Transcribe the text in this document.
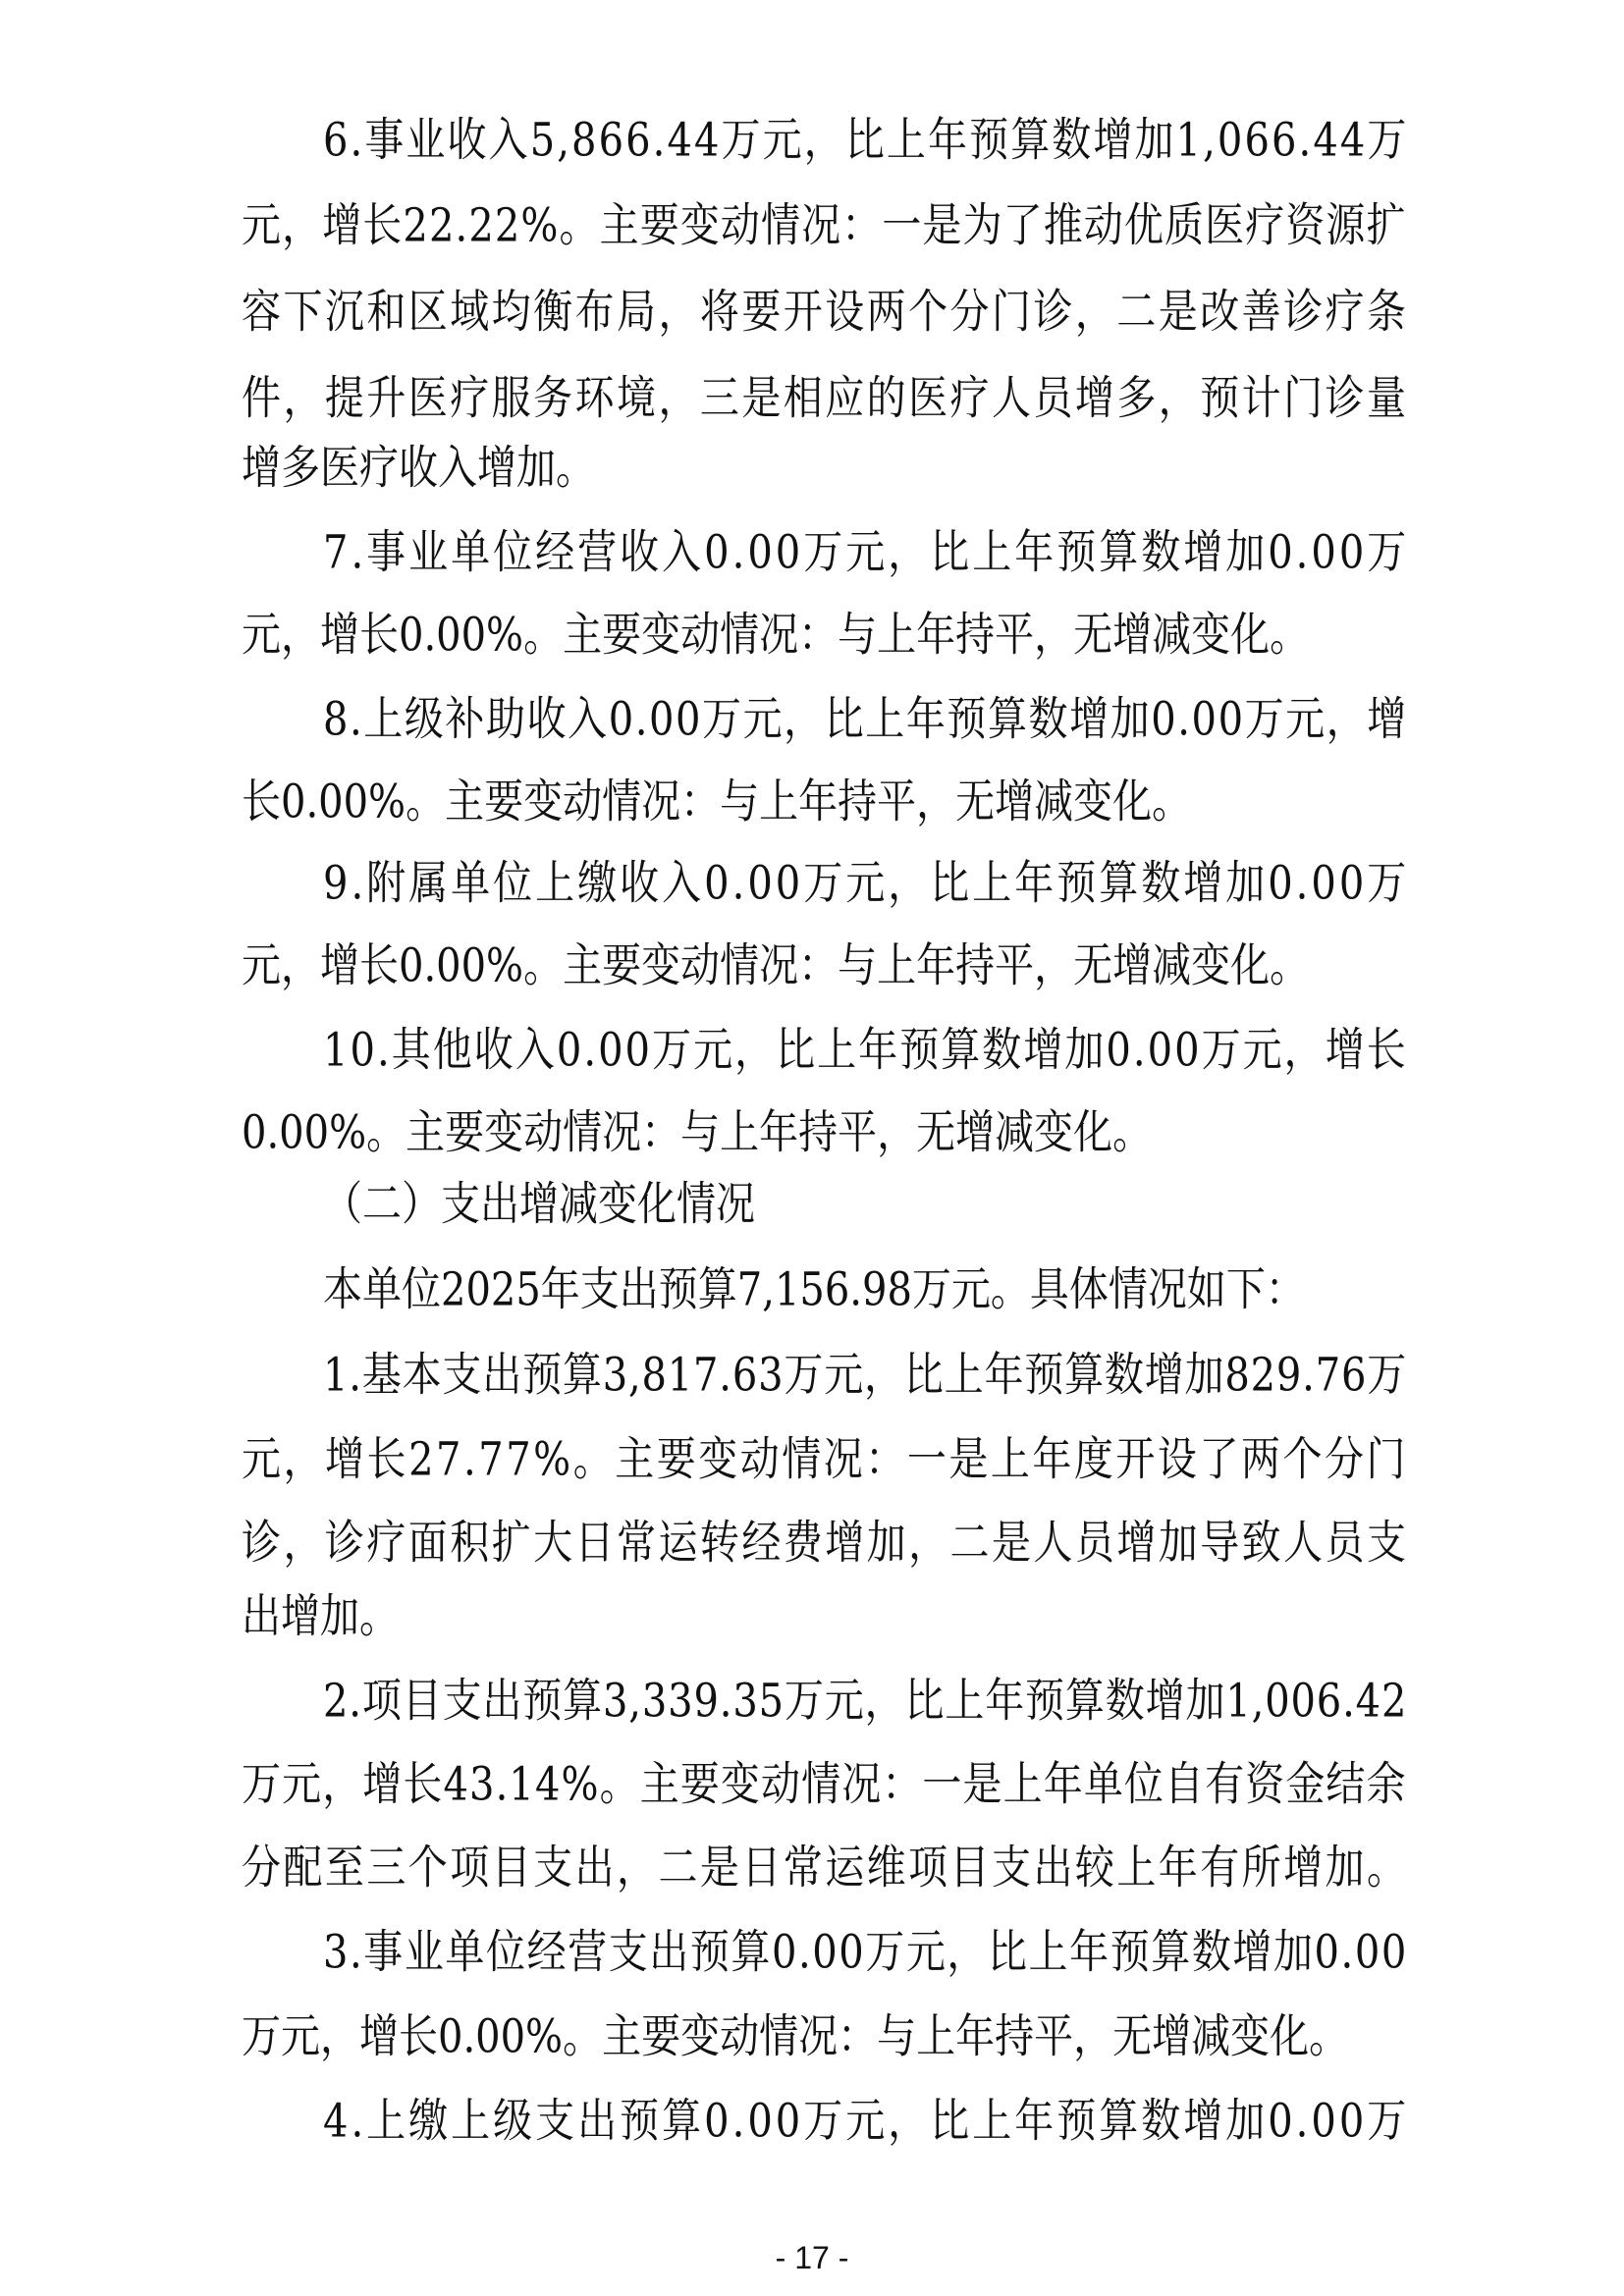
6.事业收入5,866.44万元，比上年预算数增加1,066.44万
元，增长22.22%。主要变动情况：一是为了推动优质医疗资源扩
容下沉和区域均衡布局，将要开设两个分门诊，二是改善诊疗条
件，提升医疗服务环境，三是相应的医疗人员增多，预计门诊量
增多医疗收入增加。
7.事业单位经营收入0.00万元，比上年预算数增加0.00万
元，增长0.00%。主要变动情况：与上年持平，无增减变化。
8.上级补助收入0.00万元，比上年预算数增加0.00万元，增
长0.00%。主要变动情况：与上年持平，无增减变化。
9.附属单位上缴收入0.00万元，比上年预算数增加0.00万
元，增长0.00%。主要变动情况：与上年持平，无增减变化。
10.其他收入0.00万元，比上年预算数增加0.00万元，增长
0.00%。主要变动情况：与上年持平，无增减变化。
（二）支出增减变化情况
本单位2025年支出预算7,156.98万元。具体情况如下：
1.基本支出预算3,817.63万元，比上年预算数增加829.76万
元，增长27.77%。主要变动情况：一是上年度开设了两个分门
诊，诊疗面积扩大日常运转经费增加，二是人员增加导致人员支
出增加。
2.项目支出预算3,339.35万元，比上年预算数增加1,006.42
万元，增长43.14%。主要变动情况：一是上年单位自有资金结余
分配至三个项目支出，二是日常运维项目支出较上年有所增加。
3.事业单位经营支出预算0.00万元，比上年预算数增加0.00
万元，增长0.00%。主要变动情况：与上年持平，无增减变化。
4.上缴上级支出预算0.00万元，比上年预算数增加0.00万
- 17 -
